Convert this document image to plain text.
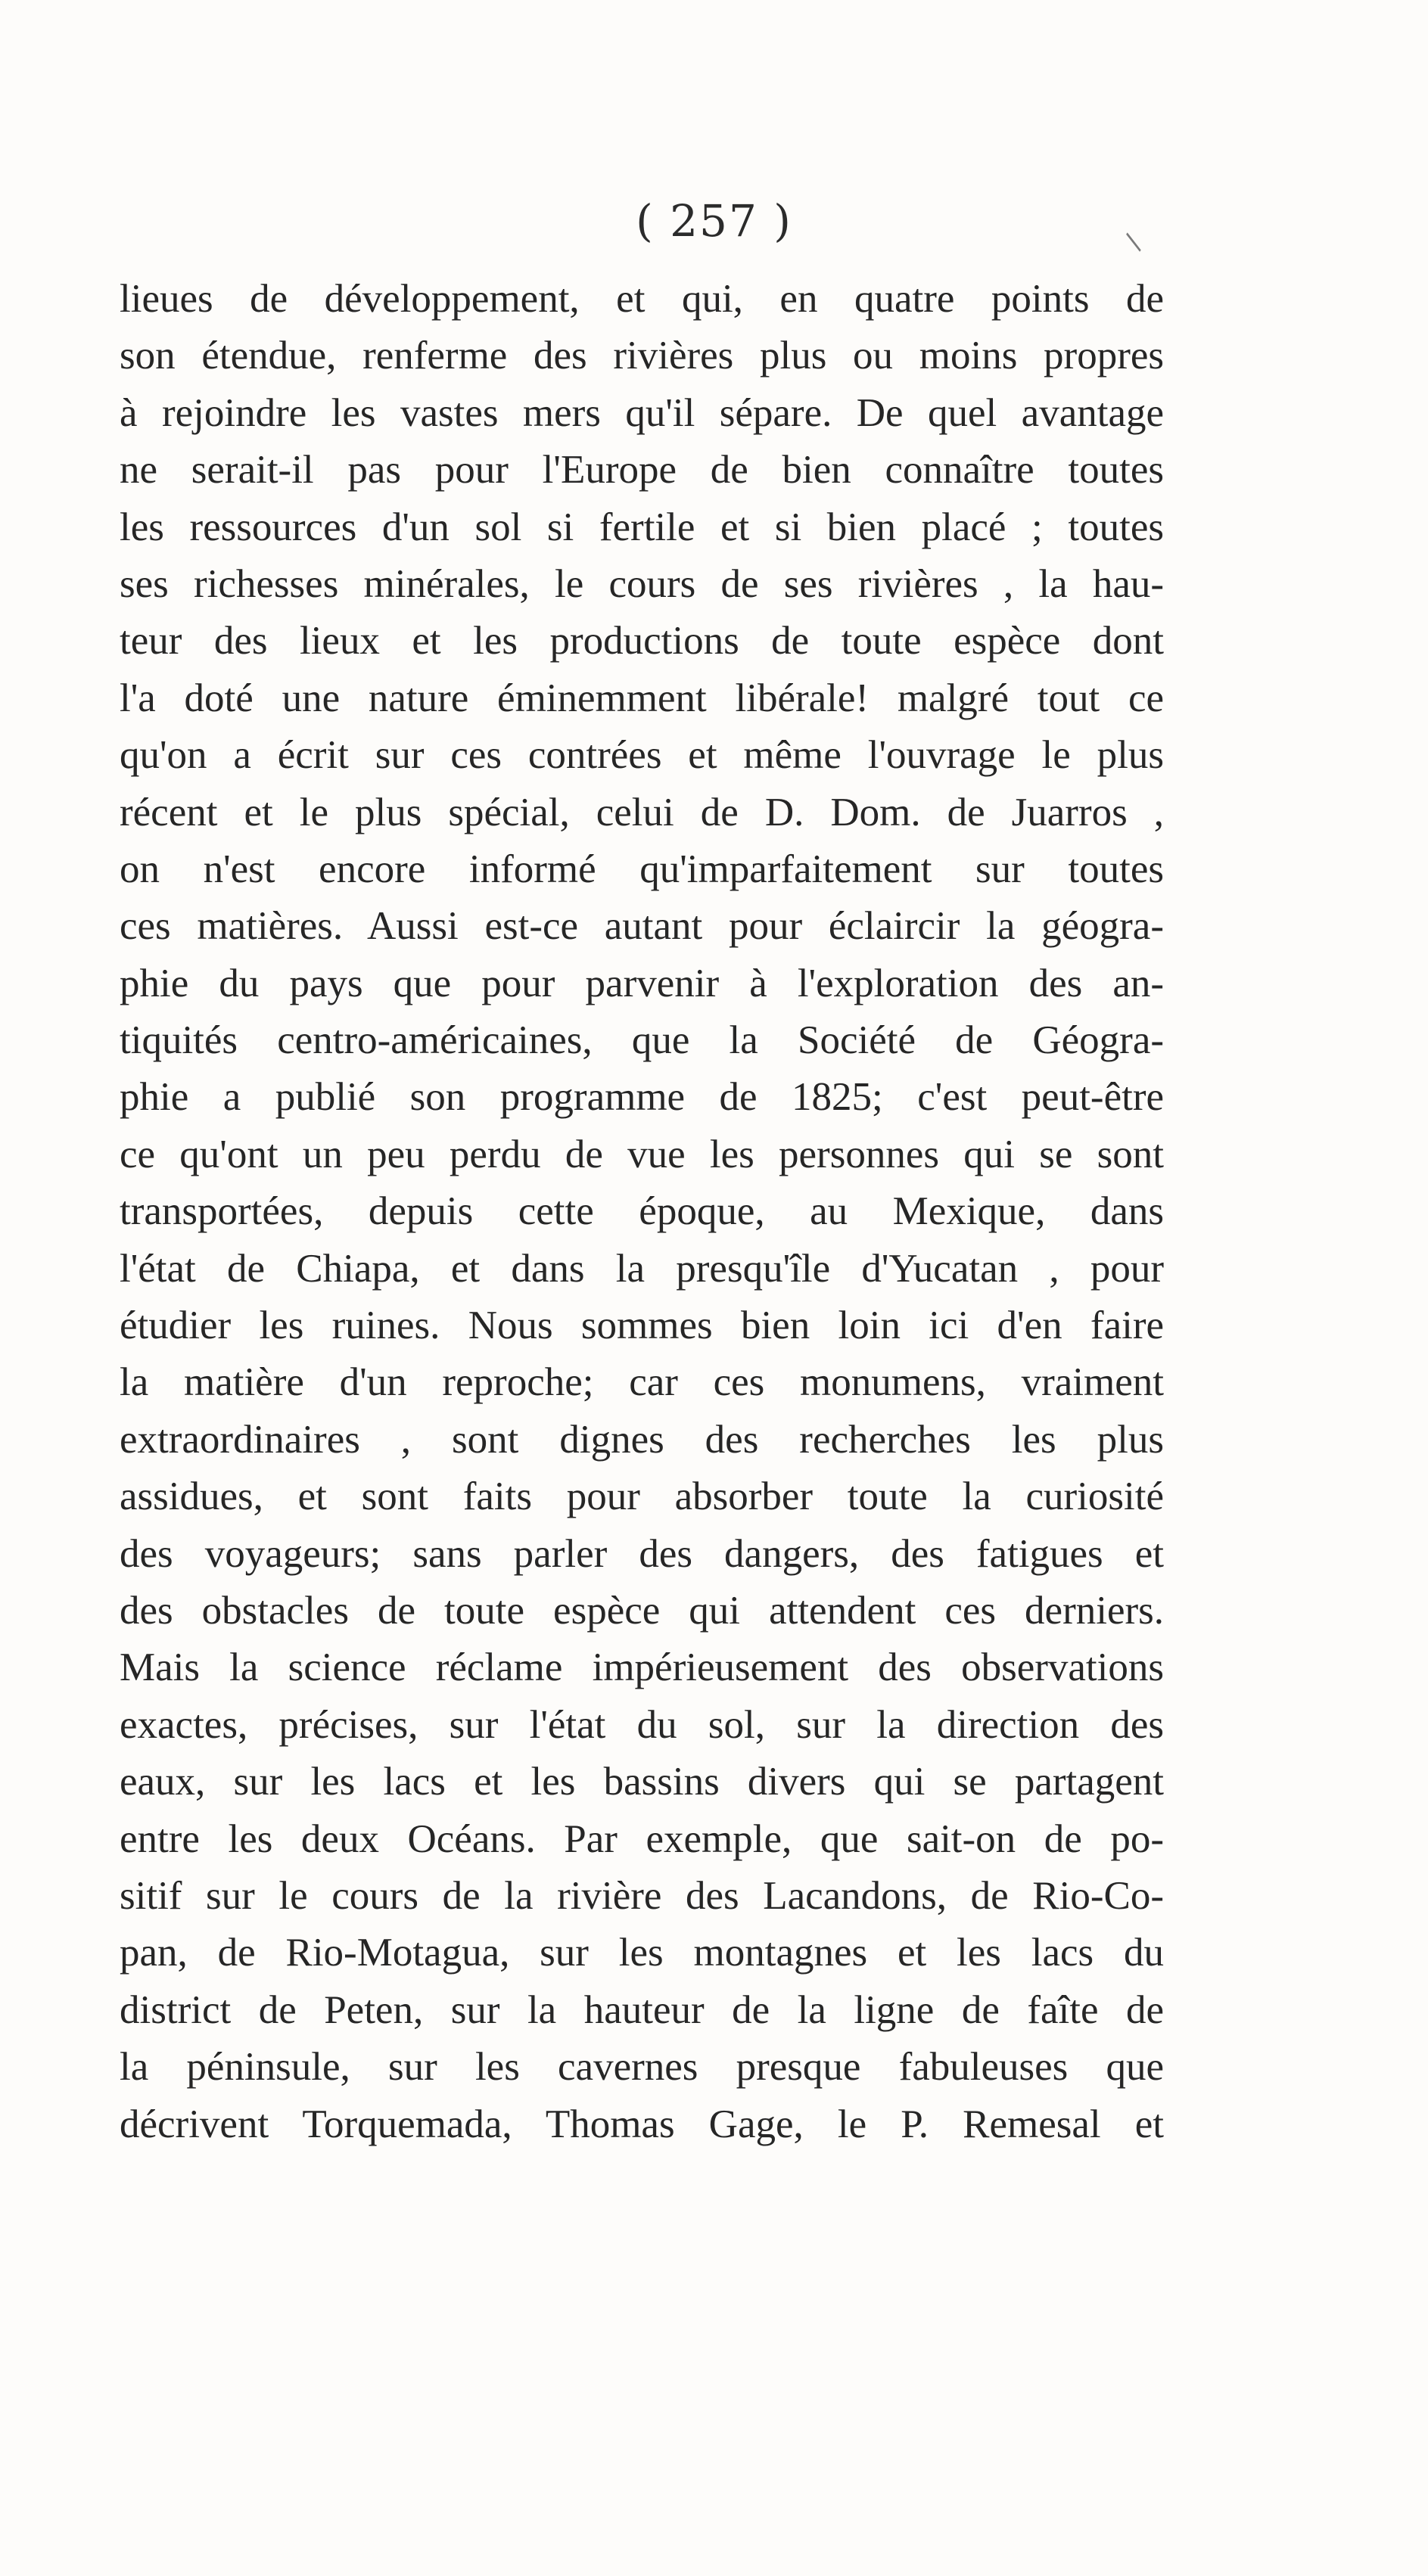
( 257 )	/
lieues de développement, et qui, en quatre points de
son étendue, renferme des rivières plus ou moins propres
à rejoindre les vastes mers qu'il sépare. De quel avantage
ne serait-il pas pour l'Europe de bien connaître toutes
les ressources d'un sol si fertile et si bien placé ; toutes
ses richesses minérales, le cours de ses rivières , la hau-
teur des lieux et les productions de toute espèce dont
l'a doté une nature éminemment libérale! malgré tout ce
qu'on a écrit sur ces contrées et même l'ouvrage le plus
récent et le plus spécial, celui de D. Dom. de Juarros ,
on n'est encore informé qu'imparfaitement sur toutes
ces matières. Aussi est-ce autant pour éclaircir la géogra-
phie du pays que pour parvenir à l'exploration des an-
tiquités centro-américaines, que la Société de Géogra-
phie a publié son programme de 1825; c'est peut-être
ce qu'ont un peu perdu de vue les personnes qui se sont
transportées, depuis cette époque, au Mexique, dans
l'état de Chiapa, et dans la presqu'île d'Yucatan , pour
étudier les ruines. Nous sommes bien loin ici d'en faire
la matière d'un reproche; car ces monumens, vraiment
extraordinaires , sont dignes des recherches les plus
assidues, et sont faits pour absorber toute la curiosité
des voyageurs; sans parler des dangers, des fatigues et
des obstacles de toute espèce qui attendent ces derniers.
Mais la science réclame impérieusement des observations
exactes, précises, sur l'état du sol, sur la direction des
eaux, sur les lacs et les bassins divers qui se partagent
entre les deux Océans. Par exemple, que sait-on de po-
sitif sur le cours de la rivière des Lacandons, de Rio-Co-
pan, de Rio-Motagua, sur les montagnes et les lacs du
district de Peten, sur la hauteur de la ligne de faîte de
la péninsule, sur les cavernes presque fabuleuses que
décrivent Torquemada, Thomas Gage, le P. Remesal et
